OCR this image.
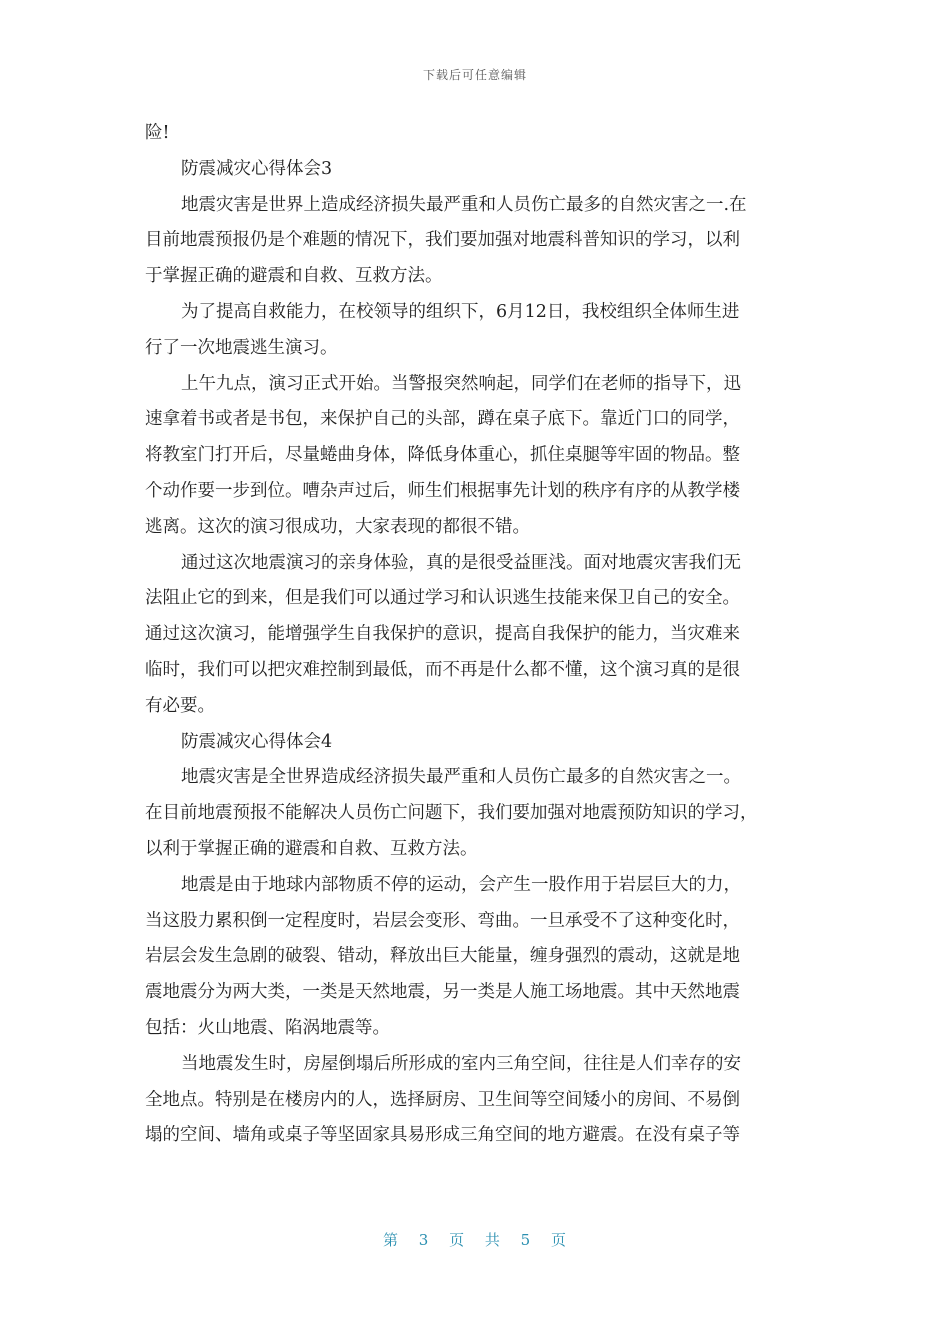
下载后可任意编辑
险!
防震减灾心得体会3
地震灾害是世界上造成经济损失最严重和人员伤亡最多的自然灾害之一.在
目前地震预报仍是个难题的情况下，我们要加强对地震科普知识的学习，以利
于掌握正确的避震和自救、互救方法。
为了提高自救能力，在校领导的组织下，6月12日，我校组织全体师生进
行了一次地震逃生演习。
上午九点，演习正式开始。当警报突然响起，同学们在老师的指导下，迅
速拿着书或者是书包，来保护自己的头部，蹲在桌子底下。靠近门口的同学，
将教室门打开后，尽量蜷曲身体，降低身体重心，抓住桌腿等牢固的物品。整
个动作要一步到位。嘈杂声过后，师生们根据事先计划的秩序有序的从教学楼
逃离。这次的演习很成功，大家表现的都很不错。
通过这次地震演习的亲身体验，真的是很受益匪浅。面对地震灾害我们无
法阻止它的到来，但是我们可以通过学习和认识逃生技能来保卫自己的安全。
通过这次演习，能增强学生自我保护的意识，提高自我保护的能力，当灾难来
临时，我们可以把灾难控制到最低，而不再是什么都不懂，这个演习真的是很
有必要。
防震减灾心得体会4
地震灾害是全世界造成经济损失最严重和人员伤亡最多的自然灾害之一。
在目前地震预报不能解决人员伤亡问题下，我们要加强对地震预防知识的学习，
以利于掌握正确的避震和自救、互救方法。
地震是由于地球内部物质不停的运动，会产生一股作用于岩层巨大的力，
当这股力累积倒一定程度时，岩层会变形、弯曲。一旦承受不了这种变化时，
岩层会发生急剧的破裂、错动，释放出巨大能量，缠身强烈的震动，这就是地
震地震分为两大类，一类是天然地震，另一类是人施工场地震。其中天然地震
包括：火山地震、陷涡地震等。
当地震发生时，房屋倒塌后所形成的室内三角空间，往往是人们幸存的安
全地点。特别是在楼房内的人，选择厨房、卫生间等空间矮小的房间、不易倒
塌的空间、墙角或桌子等坚固家具易形成三角空间的地方避震。在没有桌子等
第 3 页 共 5 页
